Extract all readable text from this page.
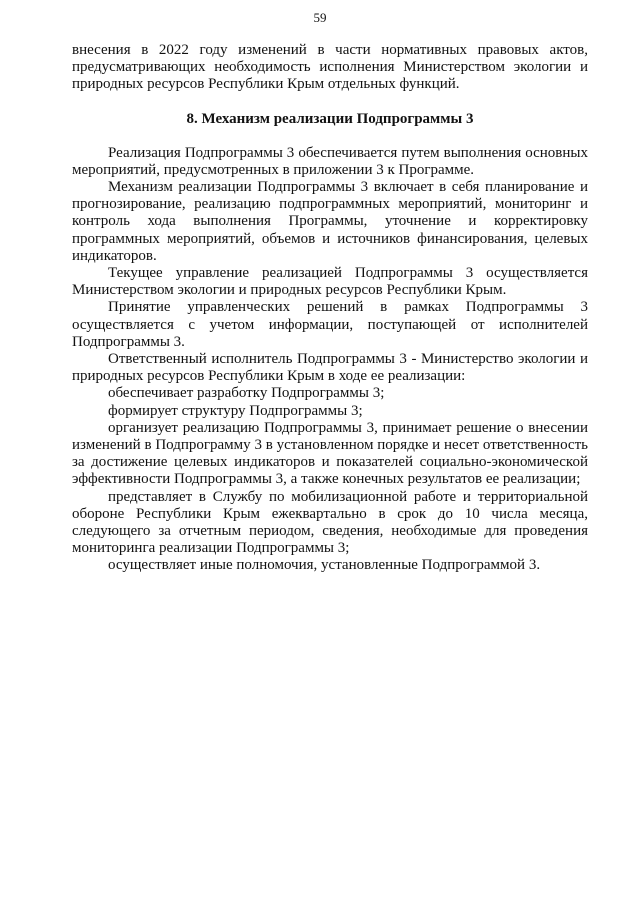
59

внесения в 2022 году изменений в части нормативных правовых актов, предусматривающих необходимость исполнения Министерством экологии и природных ресурсов Республики Крым отдельных функций.

8. Механизм реализации Подпрограммы 3

Реализация Подпрограммы 3 обеспечивается путем выполнения основных мероприятий, предусмотренных в приложении 3 к Программе.

Механизм реализации Подпрограммы 3 включает в себя планирование и прогнозирование, реализацию подпрограммных мероприятий, мониторинг и контроль хода выполнения Программы, уточнение и корректировку программных мероприятий, объемов и источников финансирования, целевых индикаторов.

Текущее управление реализацией Подпрограммы 3 осуществляется Министерством экологии и природных ресурсов Республики Крым.

Принятие управленческих решений в рамках Подпрограммы 3 осуществляется с учетом информации, поступающей от исполнителей Подпрограммы 3.

Ответственный исполнитель Подпрограммы 3 - Министерство экологии и природных ресурсов Республики Крым в ходе ее реализации:

обеспечивает разработку Подпрограммы 3;

формирует структуру Подпрограммы 3;

организует реализацию Подпрограммы 3, принимает решение о внесении изменений в Подпрограмму 3 в установленном порядке и несет ответственность за достижение целевых индикаторов и показателей социально-экономической эффективности Подпрограммы 3, а также конечных результатов ее реализации;

представляет в Службу по мобилизационной работе и территориальной обороне Республики Крым ежеквартально в срок до 10 числа месяца, следующего за отчетным периодом, сведения, необходимые для проведения мониторинга реализации Подпрограммы 3;

осуществляет иные полномочия, установленные Подпрограммой 3.
